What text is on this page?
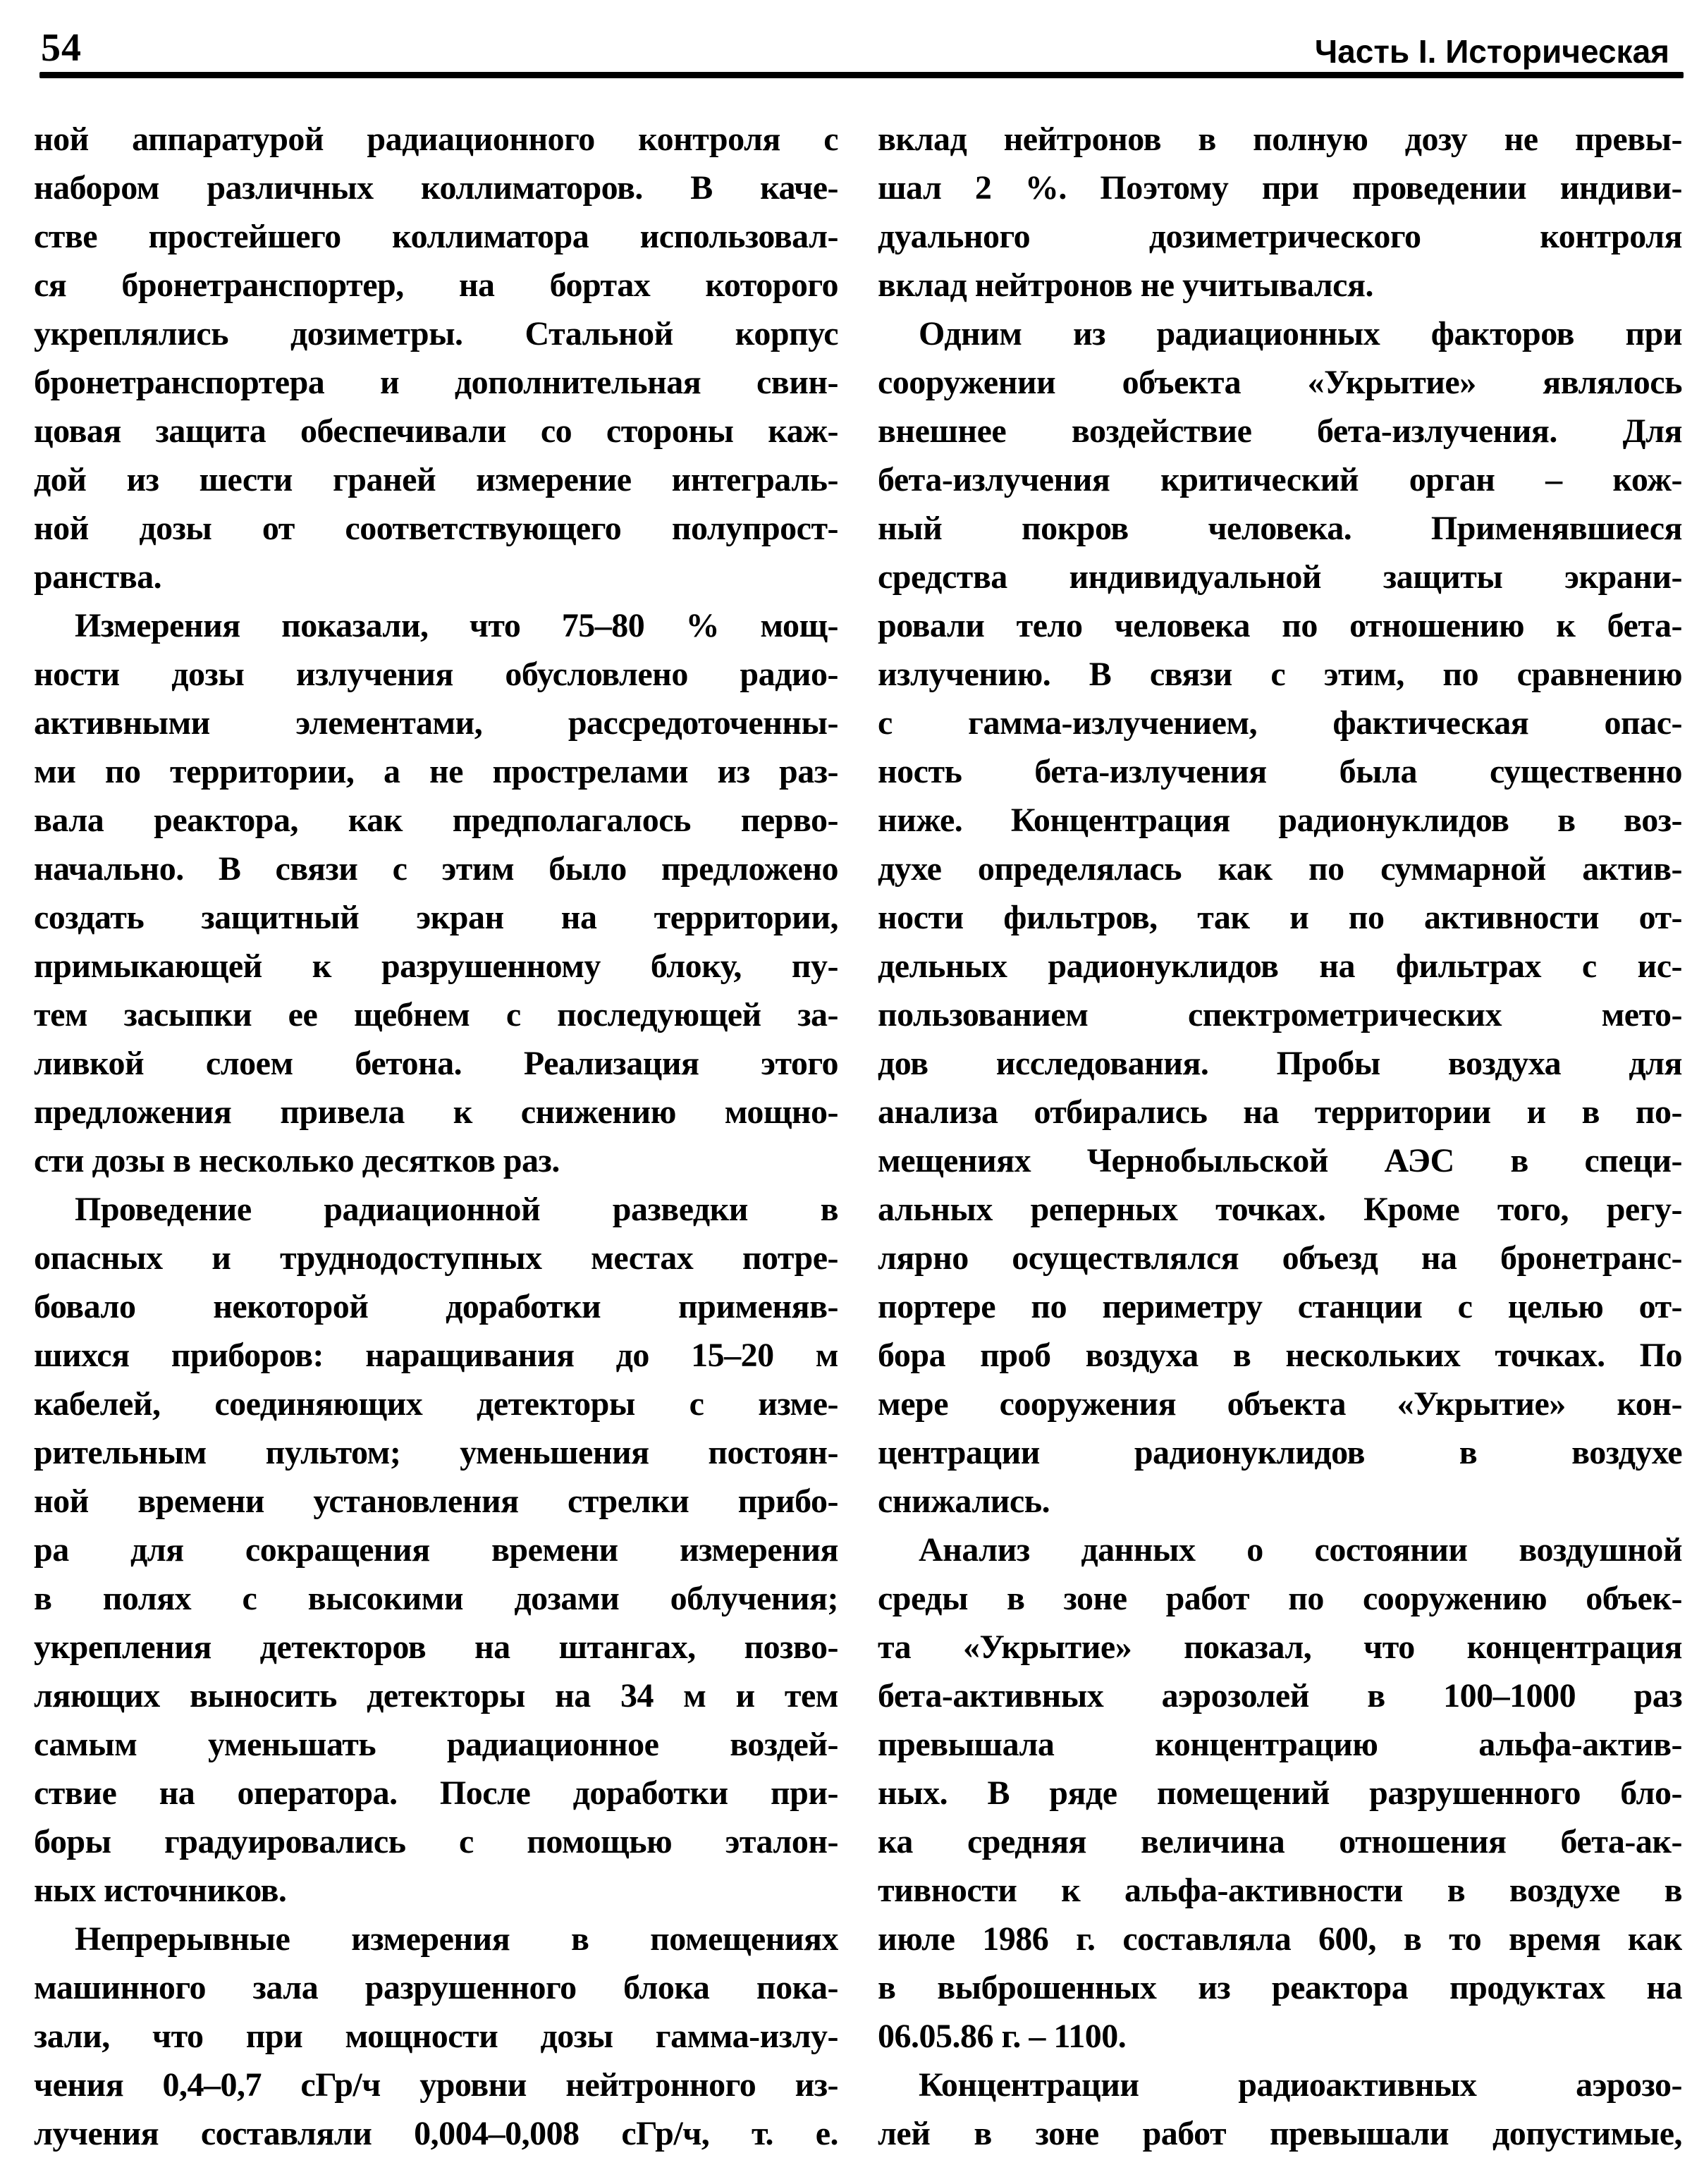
54	Часть I. Историческая
ной аппаратурой радиационного контроля с
набором различных коллиматоров. В каче-
стве простейшего коллиматора использовал-
ся бронетранспортер, на бортах которого
укреплялись дозиметры. Стальной корпус
бронетранспортера и дополнительная свин-
цовая защита обеспечивали со стороны каж-
дой из шести граней измерение интеграль-
ной дозы от соответствующего полупрост-
ранства.
Измерения показали, что 75–80 % мощ-
ности дозы излучения обусловлено радио-
активными элементами, рассредоточенны-
ми по территории, а не прострелами из раз-
вала реактора, как предполагалось перво-
начально. В связи с этим было предложено
создать защитный экран на территории,
примыкающей к разрушенному блоку, пу-
тем засыпки ее щебнем с последующей за-
ливкой слоем бетона. Реализация этого
предложения привела к снижению мощно-
сти дозы в несколько десятков раз.
Проведение радиационной разведки в
опасных и труднодоступных местах потре-
бовало некоторой доработки применяв-
шихся приборов: наращивания до 15–20 м
кабелей, соединяющих детекторы с изме-
рительным пультом; уменьшения постоян-
ной времени установления стрелки прибо-
ра для сокращения времени измерения
в полях с высокими дозами облучения;
укрепления детекторов на штангах, позво-
ляющих выносить детекторы на 34 м и тем
самым уменьшать радиационное воздей-
ствие на оператора. После доработки при-
боры градуировались с помощью эталон-
ных источников.
Непрерывные измерения в помещениях
машинного зала разрушенного блока пока-
зали, что при мощности дозы гамма-излу-
чения 0,4–0,7 сГр/ч уровни нейтронного из-
лучения составляли 0,004–0,008 сГр/ч, т. е.
вклад нейтронов в полную дозу не превы-
шал 2 %. Поэтому при проведении индиви-
дуального дозиметрического контроля
вклад нейтронов не учитывался.
Одним из радиационных факторов при
сооружении объекта «Укрытие» являлось
внешнее воздействие бета-излучения. Для
бета-излучения критический орган – кож-
ный покров человека. Применявшиеся
средства индивидуальной защиты экрани-
ровали тело человека по отношению к бета-
излучению. В связи с этим, по сравнению
с гамма-излучением, фактическая опас-
ность бета-излучения была существенно
ниже. Концентрация радионуклидов в воз-
духе определялась как по суммарной актив-
ности фильтров, так и по активности от-
дельных радионуклидов на фильтрах с ис-
пользованием спектрометрических мето-
дов исследования. Пробы воздуха для
анализа отбирались на территории и в по-
мещениях Чернобыльской АЭС в специ-
альных реперных точках. Кроме того, регу-
лярно осуществлялся объезд на бронетранс-
портере по периметру станции с целью от-
бора проб воздуха в нескольких точках. По
мере сооружения объекта «Укрытие» кон-
центрации радионуклидов в воздухе
снижались.
Анализ данных о состоянии воздушной
среды в зоне работ по сооружению объек-
та «Укрытие» показал, что концентрация
бета-активных аэрозолей в 100–1000 раз
превышала концентрацию альфа-актив-
ных. В ряде помещений разрушенного бло-
ка средняя величина отношения бета-ак-
тивности к альфа-активности в воздухе в
июле 1986 г. составляла 600, в то время как
в выброшенных из реактора продуктах на
06.05.86 г. – 1100.
Концентрации радиоактивных аэрозо-
лей в зоне работ превышали допустимые,
